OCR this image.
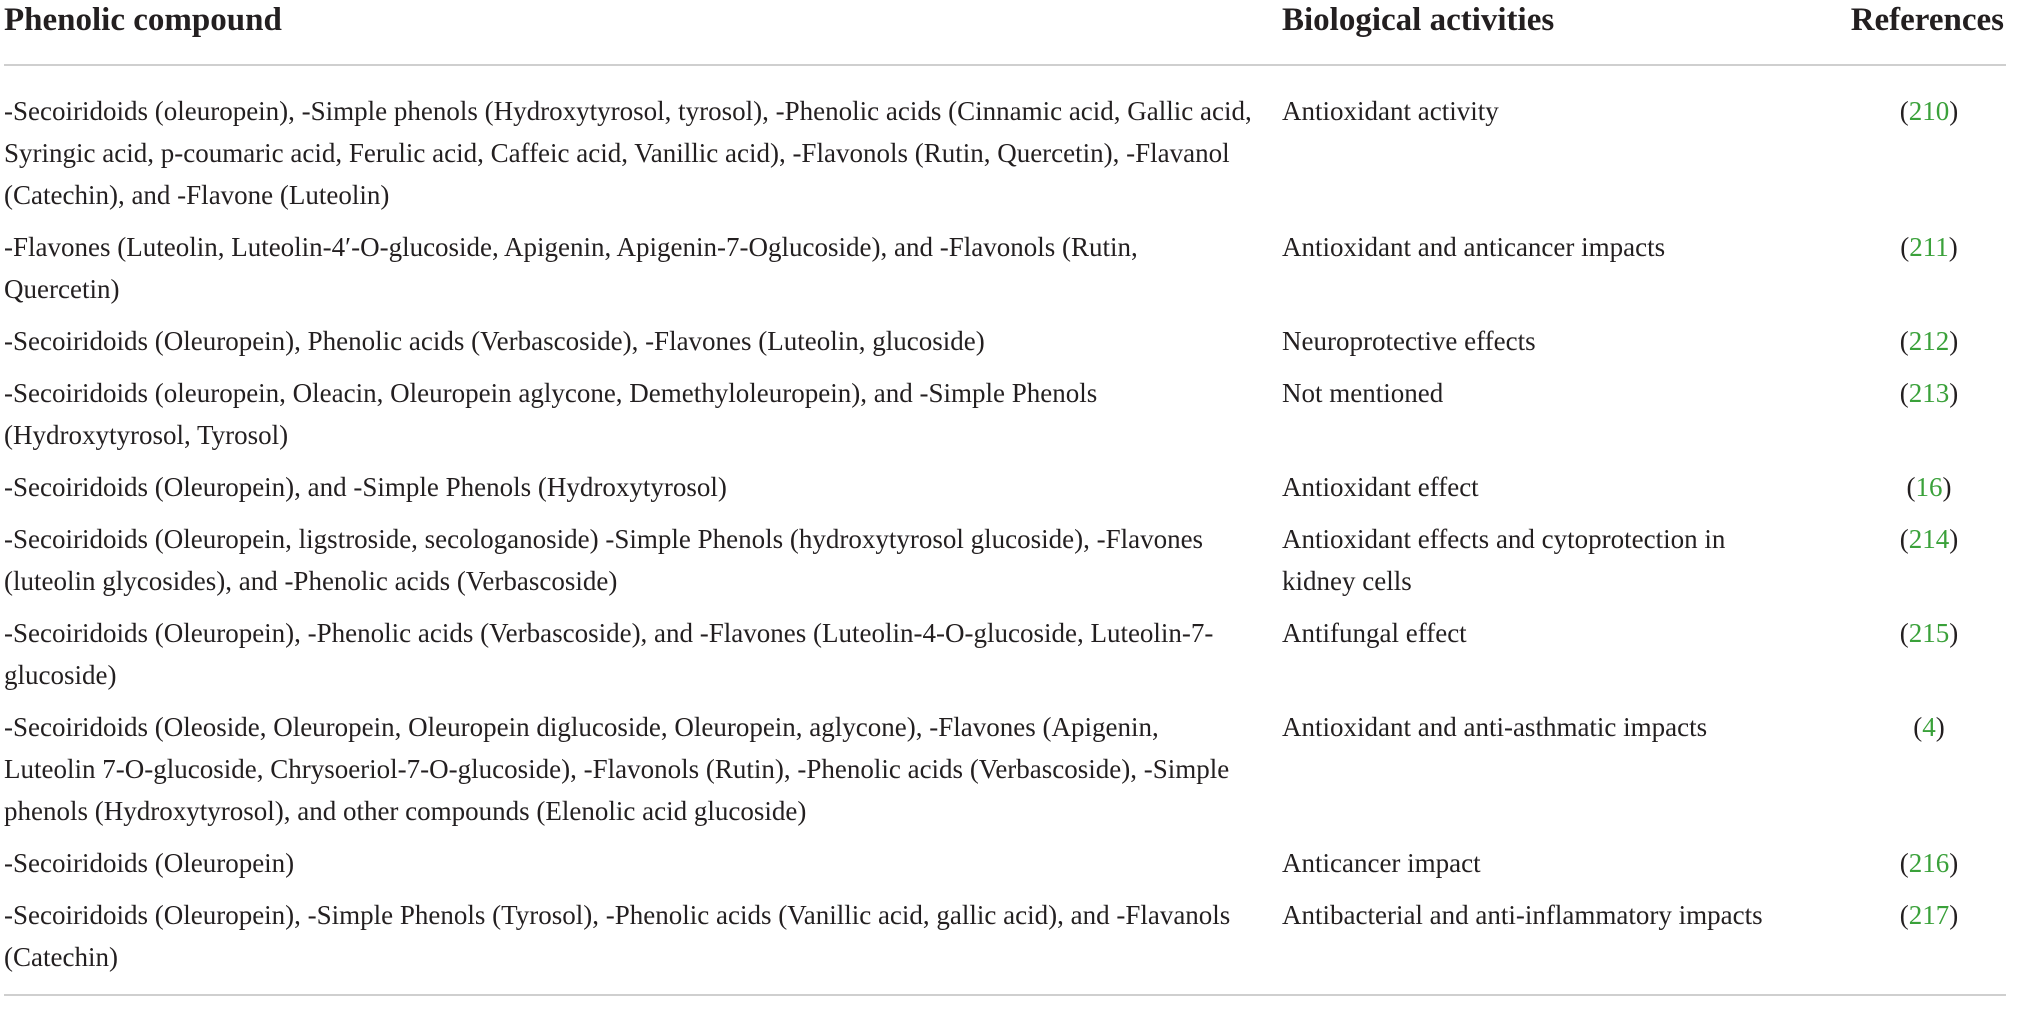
Phenolic compound	Biological activities	References
-Secoiridoids (oleuropein), -Simple phenols (Hydroxytyrosol, tyrosol), -Phenolic acids (Cinnamic acid, Gallic acid, Syringic acid, p-coumaric acid, Ferulic acid, Caffeic acid, Vanillic acid), -Flavonols (Rutin, Quercetin), -Flavanol (Catechin), and -Flavone (Luteolin)	Antioxidant activity	(210)
-Flavones (Luteolin, Luteolin-4′-O-glucoside, Apigenin, Apigenin-7-Oglucoside), and -Flavonols (Rutin, Quercetin)	Antioxidant and anticancer impacts	(211)
-Secoiridoids (Oleuropein), Phenolic acids (Verbascoside), -Flavones (Luteolin, glucoside)	Neuroprotective effects	(212)
-Secoiridoids (oleuropein, Oleacin, Oleuropein aglycone, Demethyloleuropein), and -Simple Phenols (Hydroxytyrosol, Tyrosol)	Not mentioned	(213)
-Secoiridoids (Oleuropein), and -Simple Phenols (Hydroxytyrosol)	Antioxidant effect	(16)
-Secoiridoids (Oleuropein, ligstroside, secologanoside) -Simple Phenols (hydroxytyrosol glucoside), -Flavones (luteolin glycosides), and -Phenolic acids (Verbascoside)	Antioxidant effects and cytoprotection in kidney cells	(214)
-Secoiridoids (Oleuropein), -Phenolic acids (Verbascoside), and -Flavones (Luteolin-4-O-glucoside, Luteolin-7-glucoside)	Antifungal effect	(215)
-Secoiridoids (Oleoside, Oleuropein, Oleuropein diglucoside, Oleuropein, aglycone), -Flavones (Apigenin, Luteolin 7-O-glucoside, Chrysoeriol-7-O-glucoside), -Flavonols (Rutin), -Phenolic acids (Verbascoside), -Simple phenols (Hydroxytyrosol), and other compounds (Elenolic acid glucoside)	Antioxidant and anti-asthmatic impacts	(4)
-Secoiridoids (Oleuropein)	Anticancer impact	(216)
-Secoiridoids (Oleuropein), -Simple Phenols (Tyrosol), -Phenolic acids (Vanillic acid, gallic acid), and -Flavanols (Catechin)	Antibacterial and anti-inflammatory impacts	(217)
